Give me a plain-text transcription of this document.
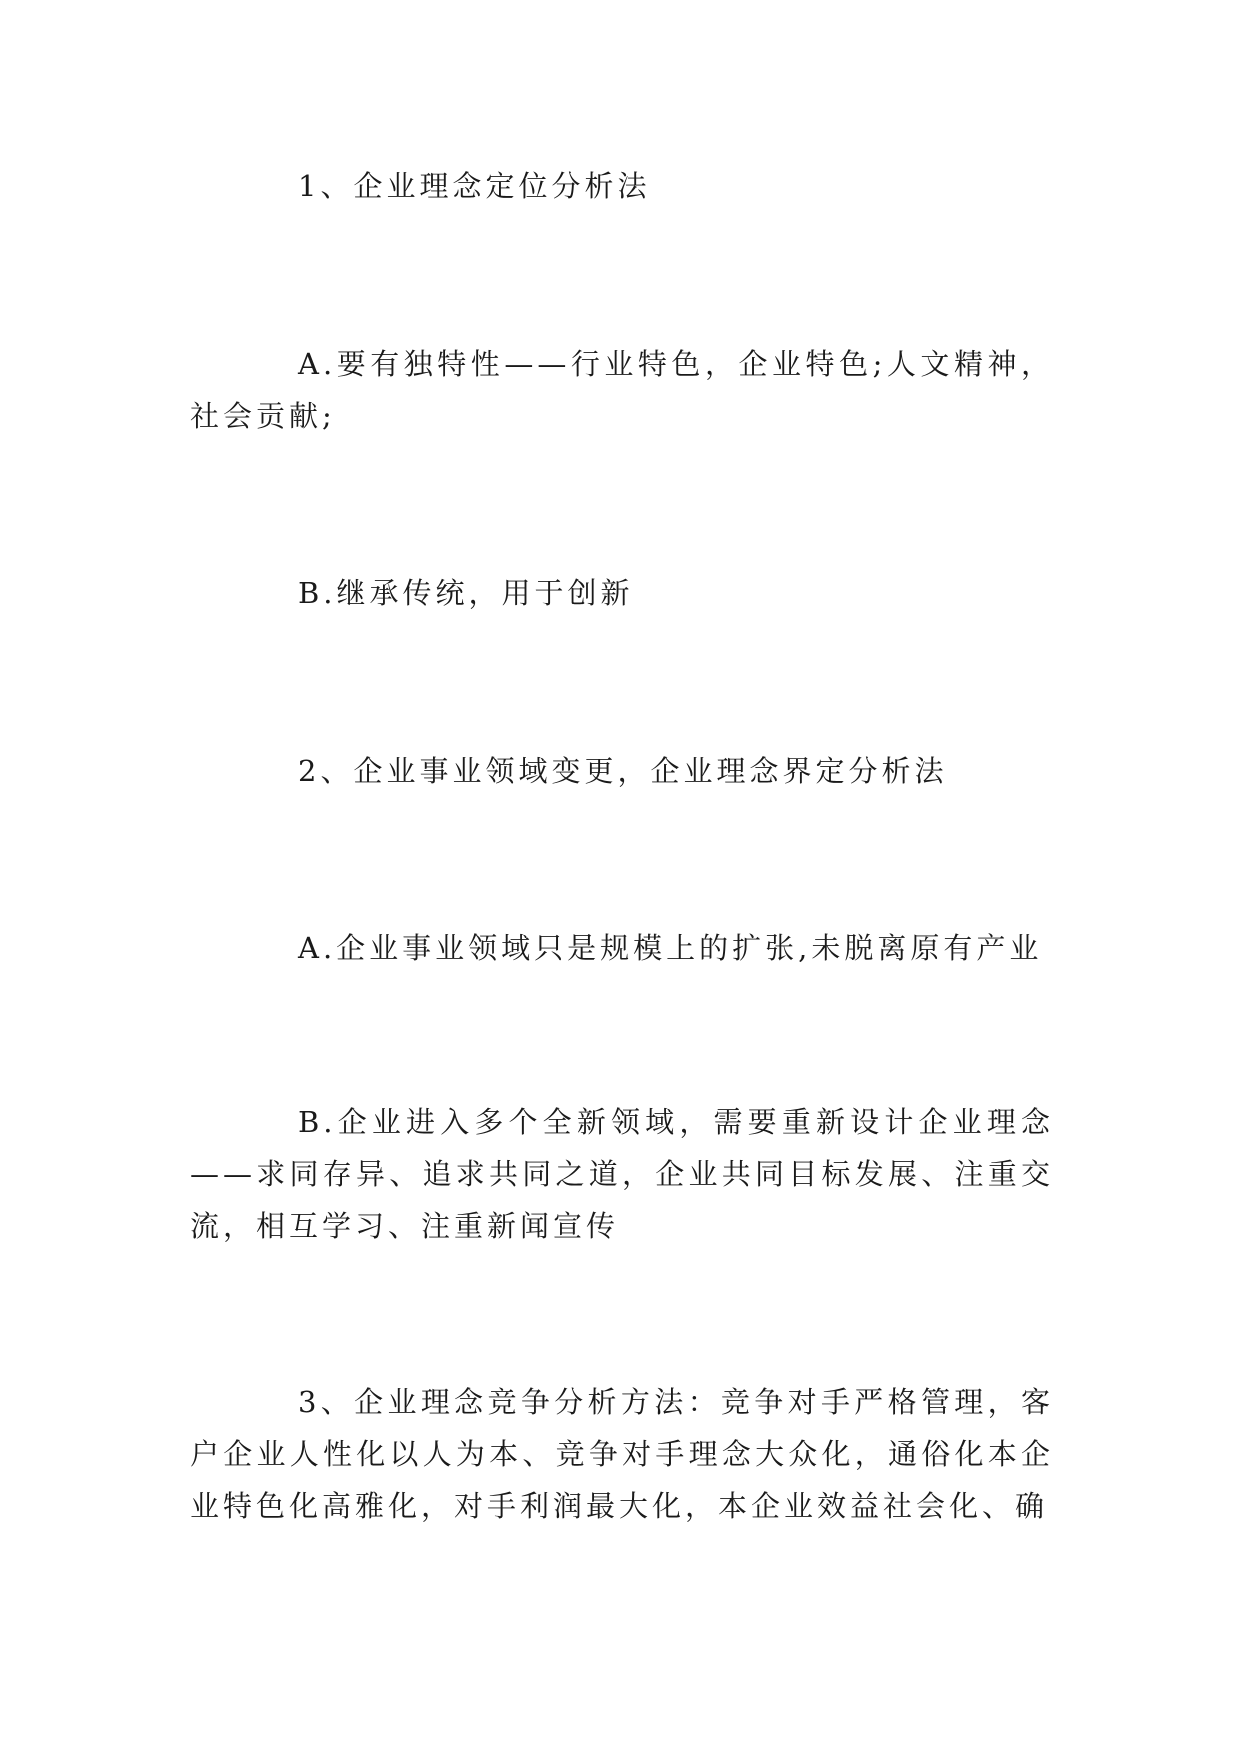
1、企业理念定位分析法

A.要有独特性——行业特色，企业特色;人文精神，社会贡献;

B.继承传统，用于创新

2、企业事业领域变更，企业理念界定分析法

A.企业事业领域只是规模上的扩张,未脱离原有产业

B.企业进入多个全新领域，需要重新设计企业理念——求同存异、追求共同之道，企业共同目标发展、注重交流，相互学习、注重新闻宣传

3、企业理念竞争分析方法：竞争对手严格管理，客户企业人性化以人为本、竞争对手理念大众化，通俗化本企业特色化高雅化，对手利润最大化，本企业效益社会化、确
